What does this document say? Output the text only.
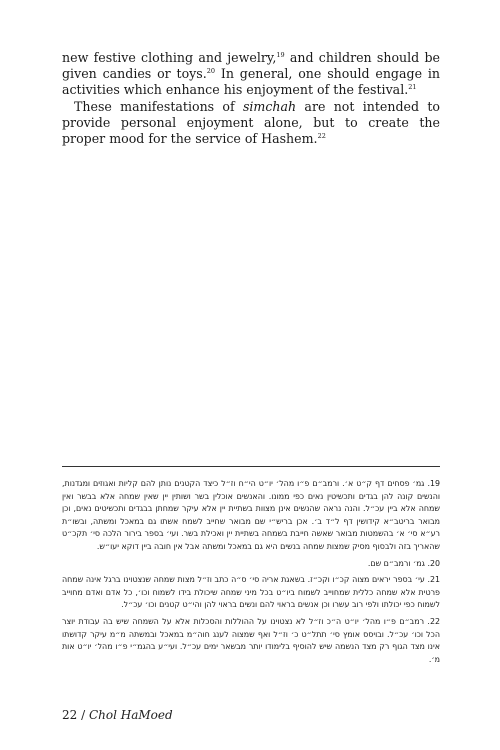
new festive clothing and jewelry,$^{19}$ and children should be given candies or toys.$^{20}$ In general, one should engage in activities which enhance his enjoyment of the festival.$^{21}$

These manifestations of simchah are not intended to provide personal enjoyment alone, but to create the proper mood for the service of Hashem.$^{22}$

19. גמ׳ פסחים דף ק״ט א׳. ורמב״ם פ״ו מהל׳ יו״ט הי״ח וז״ל כיצד הקטנים נותן להם קליות ואגוזים ומגדנות, והנשים קונה להן בגדים ותכשיטין נאים כפי ממונו. והאנשים אוכלין בשר ושותין יין שאין שמחה אלא בבשר ואין שמחה אלא ביין עכ״ל. והנה נראה שהנשים אינן מצוות בשתיית יין אלא עיקר שמחתן בבגדים ותכשיטים נאים, וכן מבואר בריטב״א קידושין דף ל״ד ב׳. אכן בריש״י שם מבואר שחייב לשמח אשתו גם במאכל ומשתה, ובשו״ת רע״א סי׳ א׳ בהשמטות מבואר שאשה חייבת בשמחה בשתיית יין ואכילת בשר. ועי׳ בספר בירור הלכה סי׳ תקכ״ט שהאריך בזה ולבסוף מסיק שמצות שמחה בנשים היא גם במאכל ומשתה אבל אין חובה ביין דוקא יעו״ש.

20. גמ׳ ורמב״ם שם.

21. עי׳ בספר יראים מצוה קכ״ו וקכ״ז. בשאגת אריה סי׳ ס״ה כתב וז״ל מצות שמחה שנצטוינו ברגל אינה שמחה פרטית אלא שמחה כללית שמחוייב לשמוח ביו״ט בכל מיני שמחה שיכולת בידו לשמוח וכו׳, כל אדם ואדם מחוייב לשמוח כפי יכולתו ולפי רוב עשרו וכן אנשים בראוי להם ונשים בראוי להן והי״ט קטנים וכו׳ עכ״ל.

22. רמב״ם פ״ו מהל׳ יו״ט ה״כ וז״ל לא נצטוינו על ההוללות והסכלות אלא על השמחה שיש בה עבודת יוצר הכל וכו׳ עכ״ל. ובויסס אומץ סי׳ תתל״ט כ׳ וז״ל ואף שמצוה לענג חוה״מ במאכל ובמשתה מ״מ עיקר קדושתו אינו מצד הגוף רק מצד הנשמה שיש להוסיף בלימודו יותר מבשאר ימים עכ״ל. ועי״ע בהגמ״י פ״ו מהל׳ יו״ט אות מ׳.

22 / Chol HaMoed
